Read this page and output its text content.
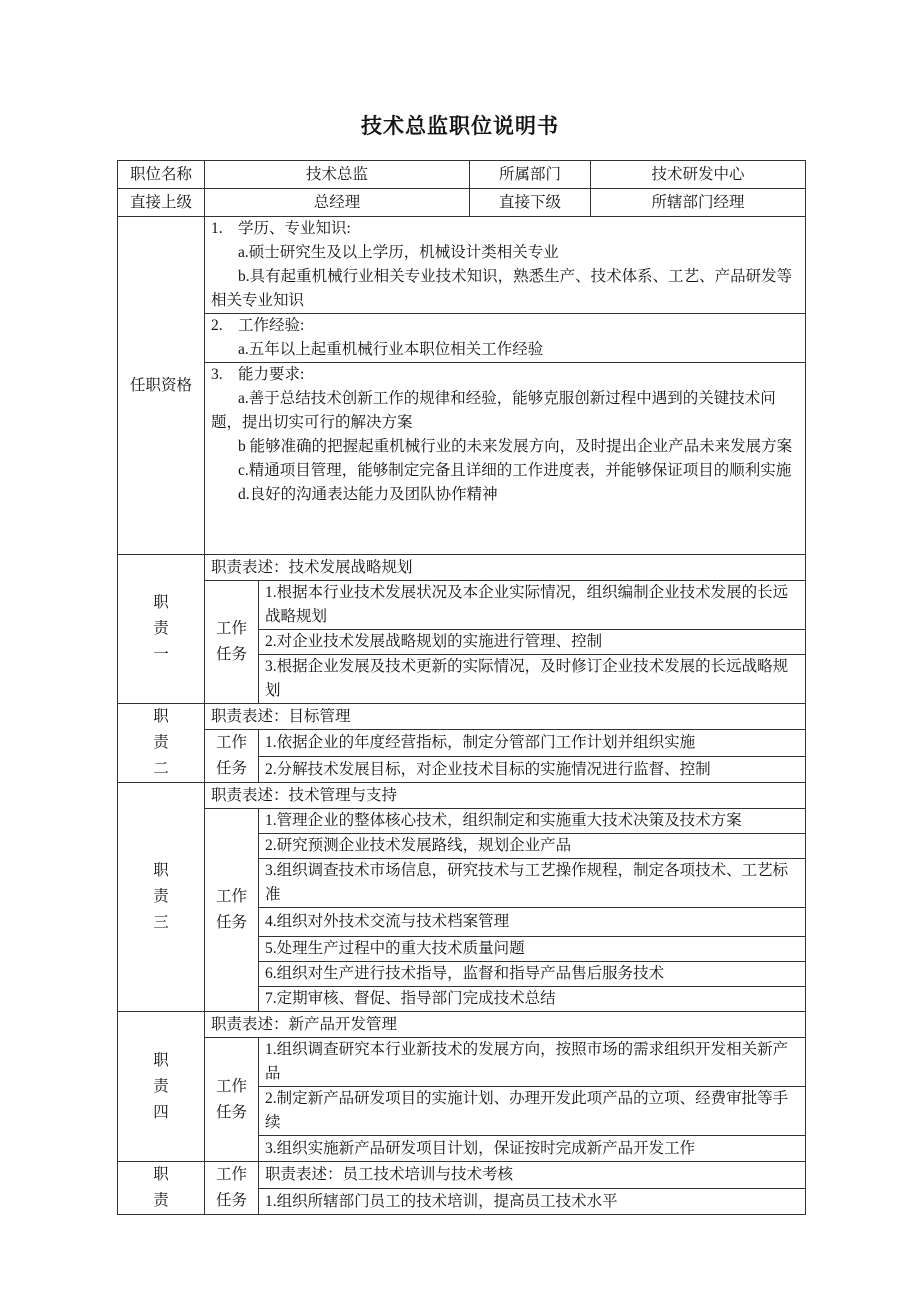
技术总监职位说明书
职位名称	技术总监		所属部门	技术研发中心
直接上级	总经理		直接下级	所辖部门经理
任职资格	1. 学历、专业知识:

a.硕士研究生及以上学历，机械设计类相关专业

b.具有起重机械行业相关专业技术知识，熟悉生产、技术体系、工艺、产品研发等相关专业知识			

	2. 工作经验:

a.五年以上起重机械行业本职位相关工作经验			

	3. 能力要求:

a.善于总结技术创新工作的规律和经验，能够克服创新过程中遇到的关键技术问题，提出切实可行的解决方案

b 能够准确的把握起重机械行业的未来发展方向，及时提出企业产品未来发展方案

c.精通项目管理，能够制定完备且详细的工作进度表，并能够保证项目的顺利实施

d.良好的沟通表达能力及团队协作精神			

职责一	职责表述：技术发展战略规划			
	工作任务	1.根据本行业技术发展状况及本企业实际情况，组织编制企业技术发展的长远战略规划		
		2.对企业技术发展战略规划的实施进行管理、控制		
		3.根据企业发展及技术更新的实际情况，及时修订企业技术发展的长远战略规划		
职责二	职责表述：目标管理			
	工作任务	1.依据企业的年度经营指标，制定分管部门工作计划并组织实施		
		2.分解技术发展目标，对企业技术目标的实施情况进行监督、控制		
职责三	职责表述：技术管理与支持			
	工作任务	1.管理企业的整体核心技术，组织制定和实施重大技术决策及技术方案		
		2.研究预测企业技术发展路线，规划企业产品		
		3.组织调查技术市场信息，研究技术与工艺操作规程，制定各项技术、工艺标准		
		4.组织对外技术交流与技术档案管理		
		5.处理生产过程中的重大技术质量问题		
		6.组织对生产进行技术指导，监督和指导产品售后服务技术		
		7.定期审核、督促、指导部门完成技术总结		
职责四	职责表述：新产品开发管理			
	工作任务	1.组织调查研究本行业新技术的发展方向，按照市场的需求组织开发相关新产品		
		2.制定新产品研发项目的实施计划、办理开发此项产品的立项、经费审批等手续		
		3.组织实施新产品研发项目计划，保证按时完成新产品开发工作		
职责	工作任务	职责表述：员工技术培训与技术考核		
		1.组织所辖部门员工的技术培训，提高员工技术水平		
